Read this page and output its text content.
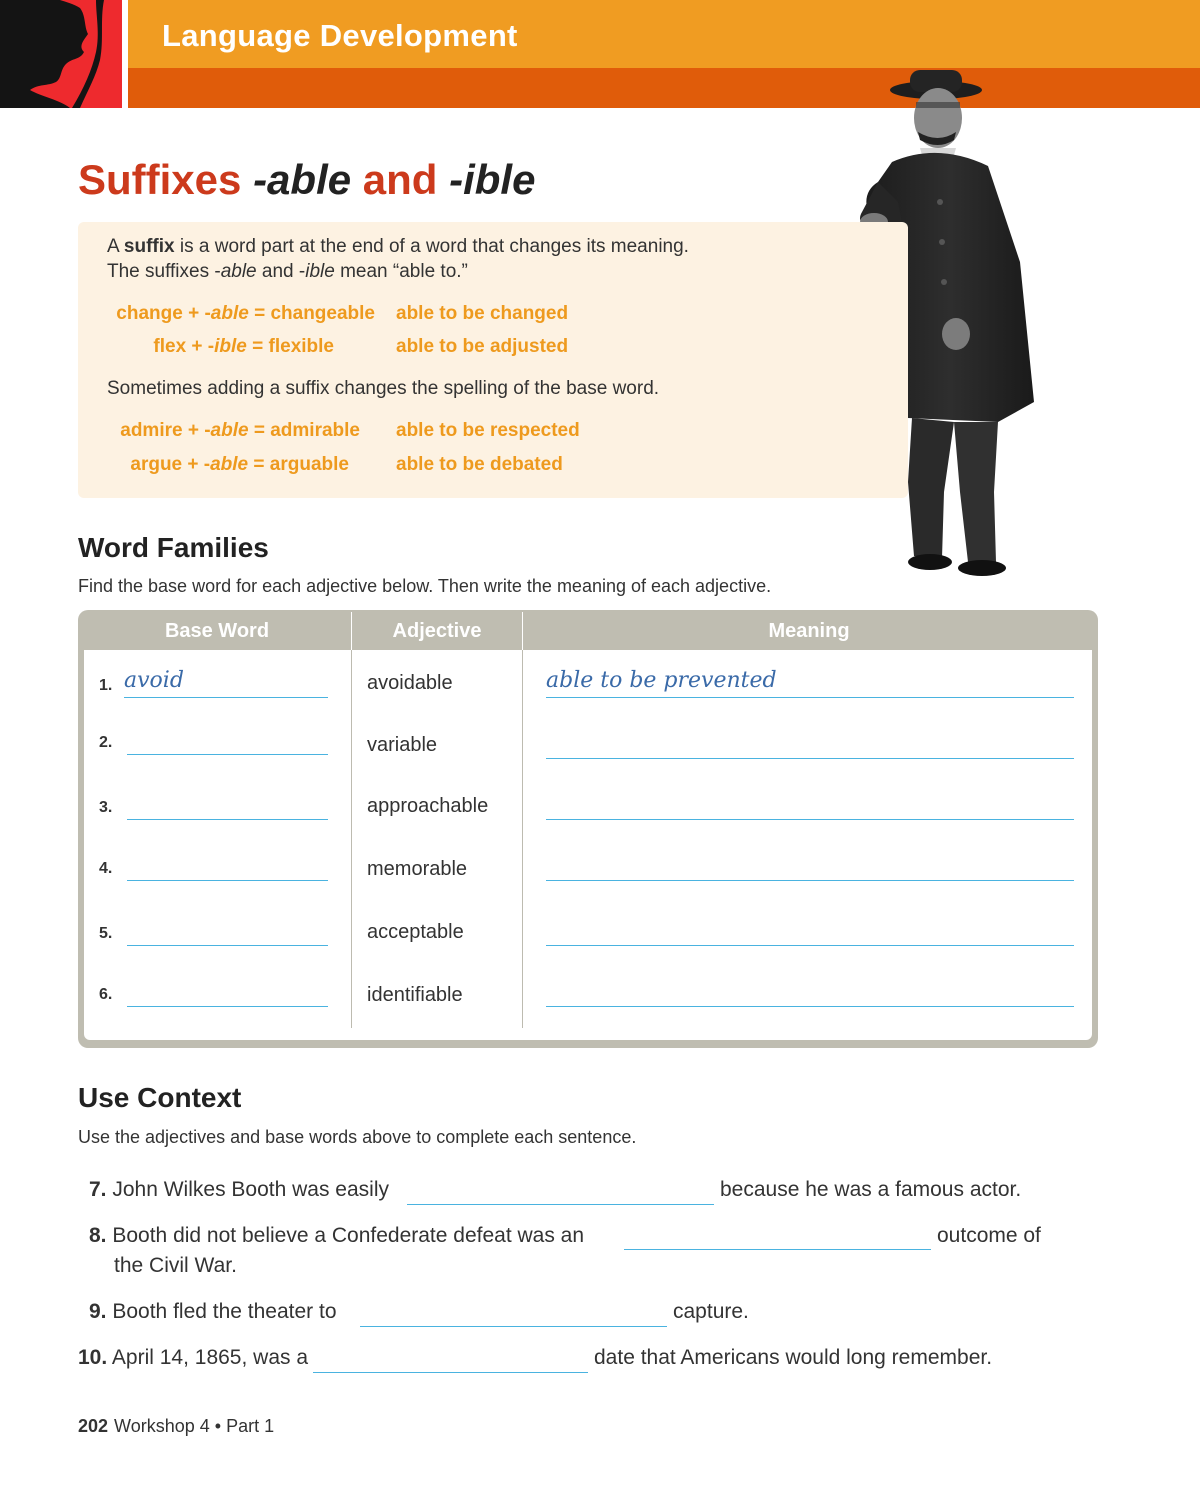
Language Development
Suffixes -able and -ible
A suffix is a word part at the end of a word that changes its meaning.
The suffixes -able and -ible mean “able to.”
change + -able = changeable able to be changed
flex + -ible = flexible	able to be adjusted
Sometimes adding a suffix changes the spelling of the base word.
admire + -able = admirable able to be respected
argue + -able = arguable able to be debated
Word Families
Find the base word for each adjective below. Then write the meaning of each adjective.
Base Word	Adjective	Meaning
1. avoid	avoidable	able to be prevented
2.	variable
3.	approachable
4.	memorable
5.	acceptable
6.	identifiable
Use Context
Use the adjectives and base words above to complete each sentence.
7. John Wilkes Booth was easily	because he was a famous actor.
8. Booth did not believe a Confederate defeat was an	outcome of
the Civil War.
9. Booth fled the theater to	capture.
10. April 14, 1865, was a	date that Americans would long remember.
202 Workshop 4 • Part 1
